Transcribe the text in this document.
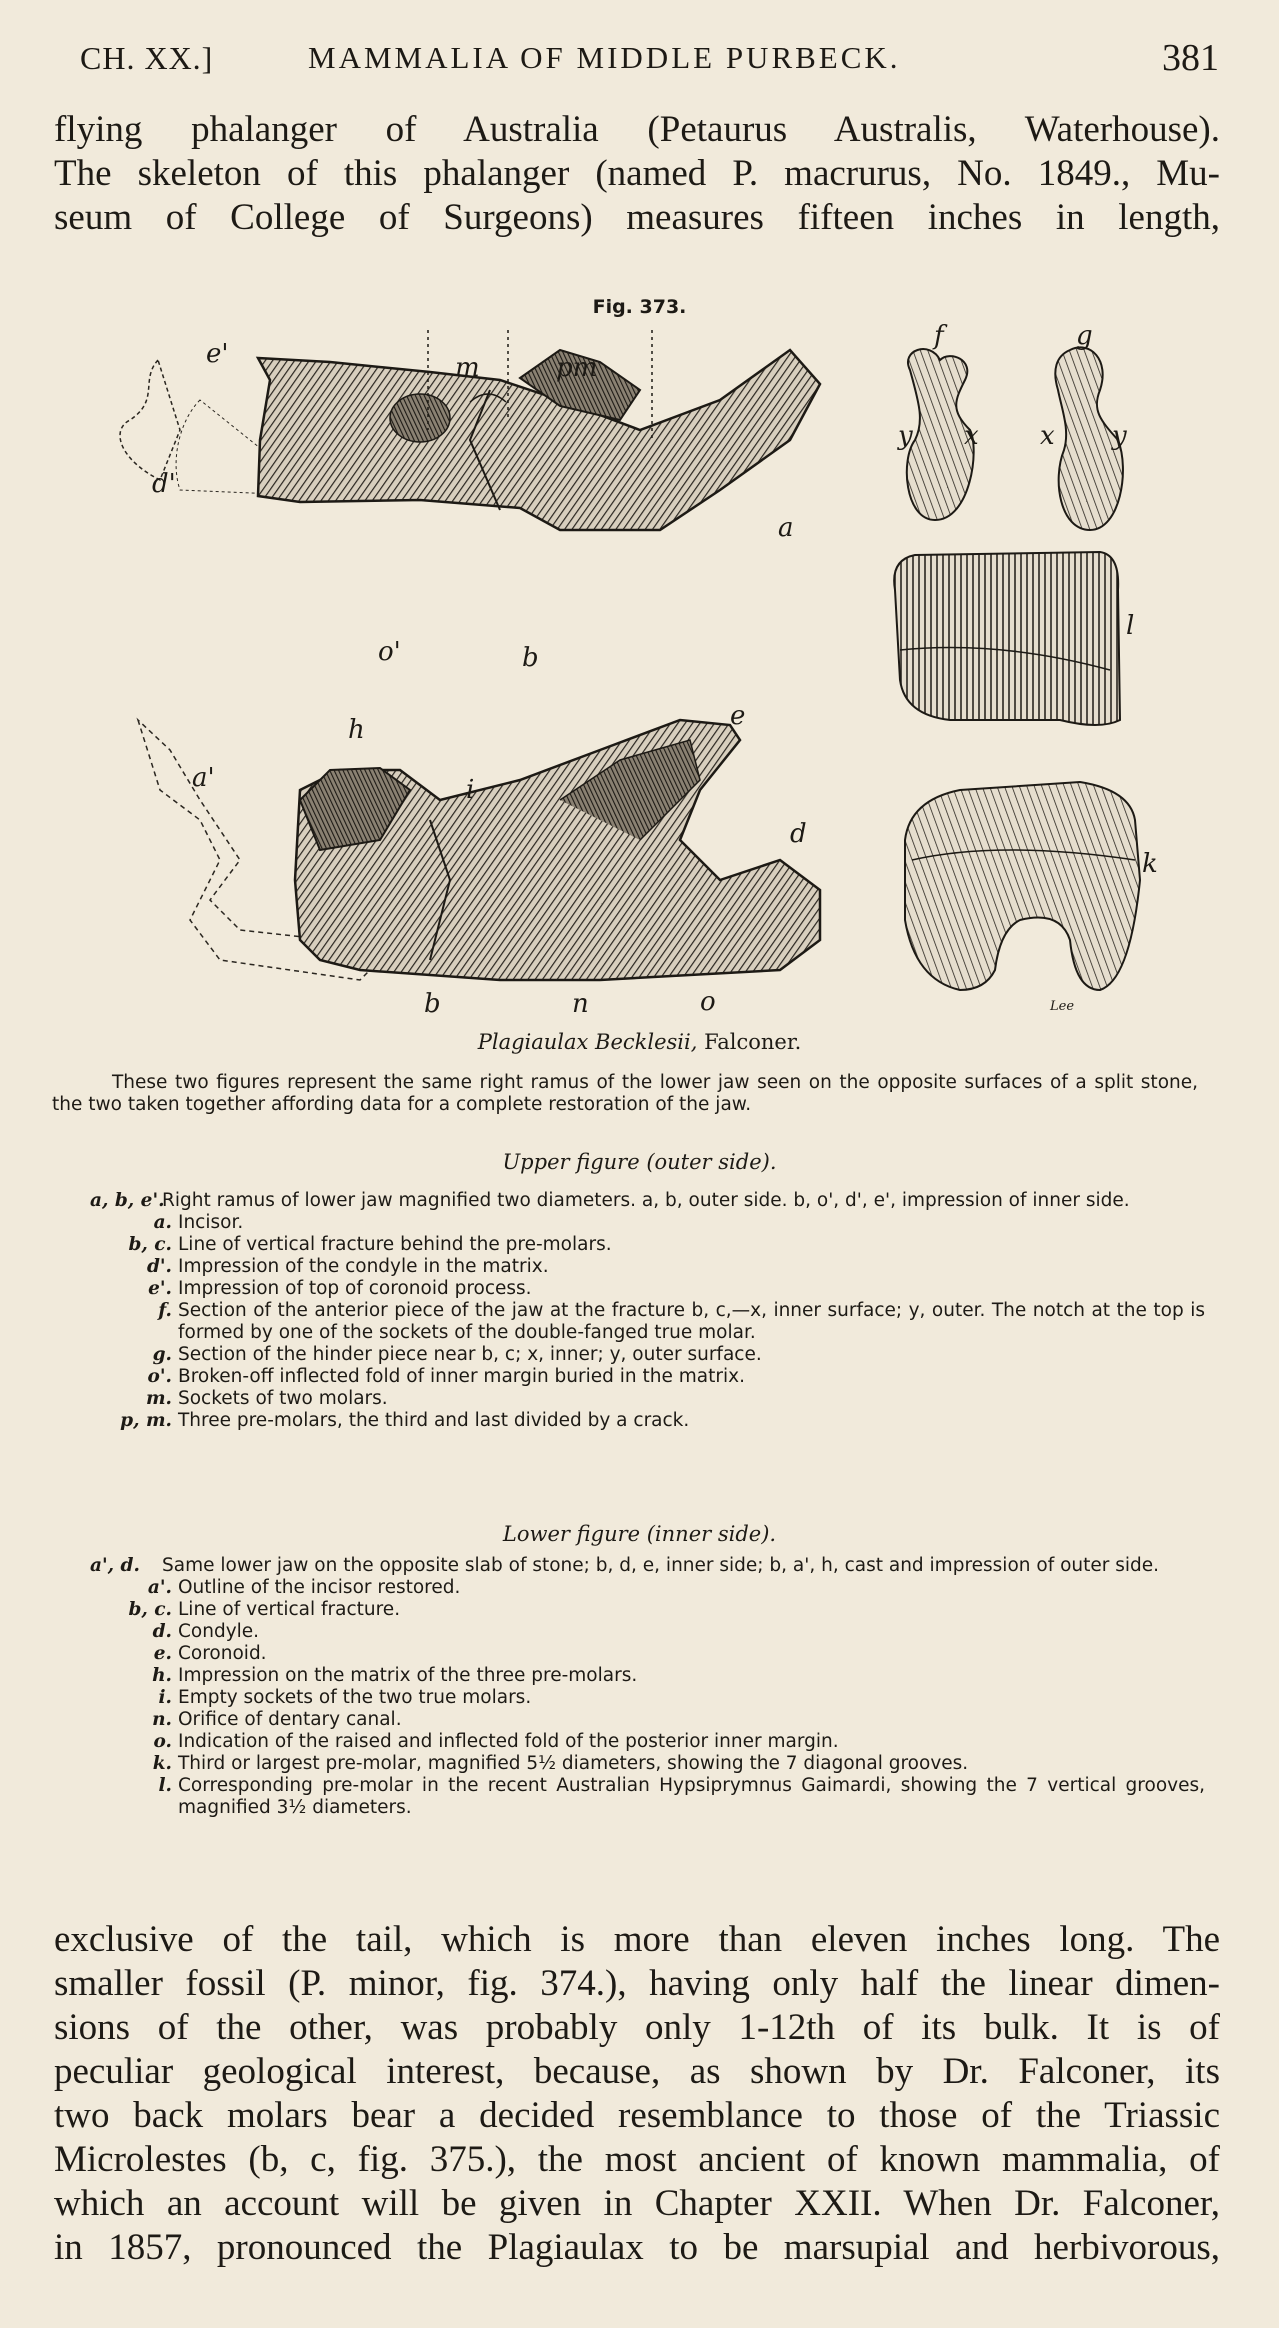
CH. XX.]	MAMMALIA OF MIDDLE PURBECK.	381
flying phalanger of Australia (Petaurus Australis, Waterhouse).
The skeleton of this phalanger (named P. macrurus, No. 1849., Mu-
seum of College of Surgeons) measures fifteen inches in length,
Fig. 373.
e'	m	pm
d'
a
o'	b
f	g
y x x y
l
h	e
a'	i
d
k
b	n	o	Lee
Plagiaulax Becklesii, Falconer.
These two figures represent the same right ramus of the lower jaw seen on the opposite surfaces of a split stone, the two taken together affording data for a complete restoration of the jaw.
Upper figure (outer side).
a, b, e'.
Right ramus of lower jaw magnified two diameters. a, b, outer side. b, o', d', e', impression of inner side.
a. Incisor.
b, c. Line of vertical fracture behind the pre-molars.
d'. Impression of the condyle in the matrix.
e'. Impression of top of coronoid process.
f. Section of the anterior piece of the jaw at the fracture b, c,—x, inner surface; y, outer. The notch at the top is formed by one of the sockets of the double-fanged true molar.
g. Section of the hinder piece near b, c; x, inner; y, outer surface.
o'. Broken-off inflected fold of inner margin buried in the matrix.
m. Sockets of two molars.
p, m. Three pre-molars, the third and last divided by a crack.
Lower figure (inner side).
a', d. Same lower jaw on the opposite slab of stone; b, d, e, inner side; b, a', h, cast and impression of outer side.
a'. Outline of the incisor restored.
b, c. Line of vertical fracture.
d. Condyle.
e. Coronoid.
h. Impression on the matrix of the three pre-molars.
i. Empty sockets of the two true molars.
n. Orifice of dentary canal.
o. Indication of the raised and inflected fold of the posterior inner margin.
k. Third or largest pre-molar, magnified 5½ diameters, showing the 7 diagonal grooves.
l. Corresponding pre-molar in the recent Australian Hypsiprymnus Gaimardi, showing the 7 vertical grooves, magnified 3½ diameters.
exclusive of the tail, which is more than eleven inches long. The
smaller fossil (P. minor, fig. 374.), having only half the linear dimen-
sions of the other, was probably only 1-12th of its bulk. It is of
peculiar geological interest, because, as shown by Dr. Falconer, its
two back molars bear a decided resemblance to those of the Triassic
Microlestes (b, c, fig. 375.), the most ancient of known mammalia, of
which an account will be given in Chapter XXII. When Dr. Falconer,
in 1857, pronounced the Plagiaulax to be marsupial and herbivorous,
